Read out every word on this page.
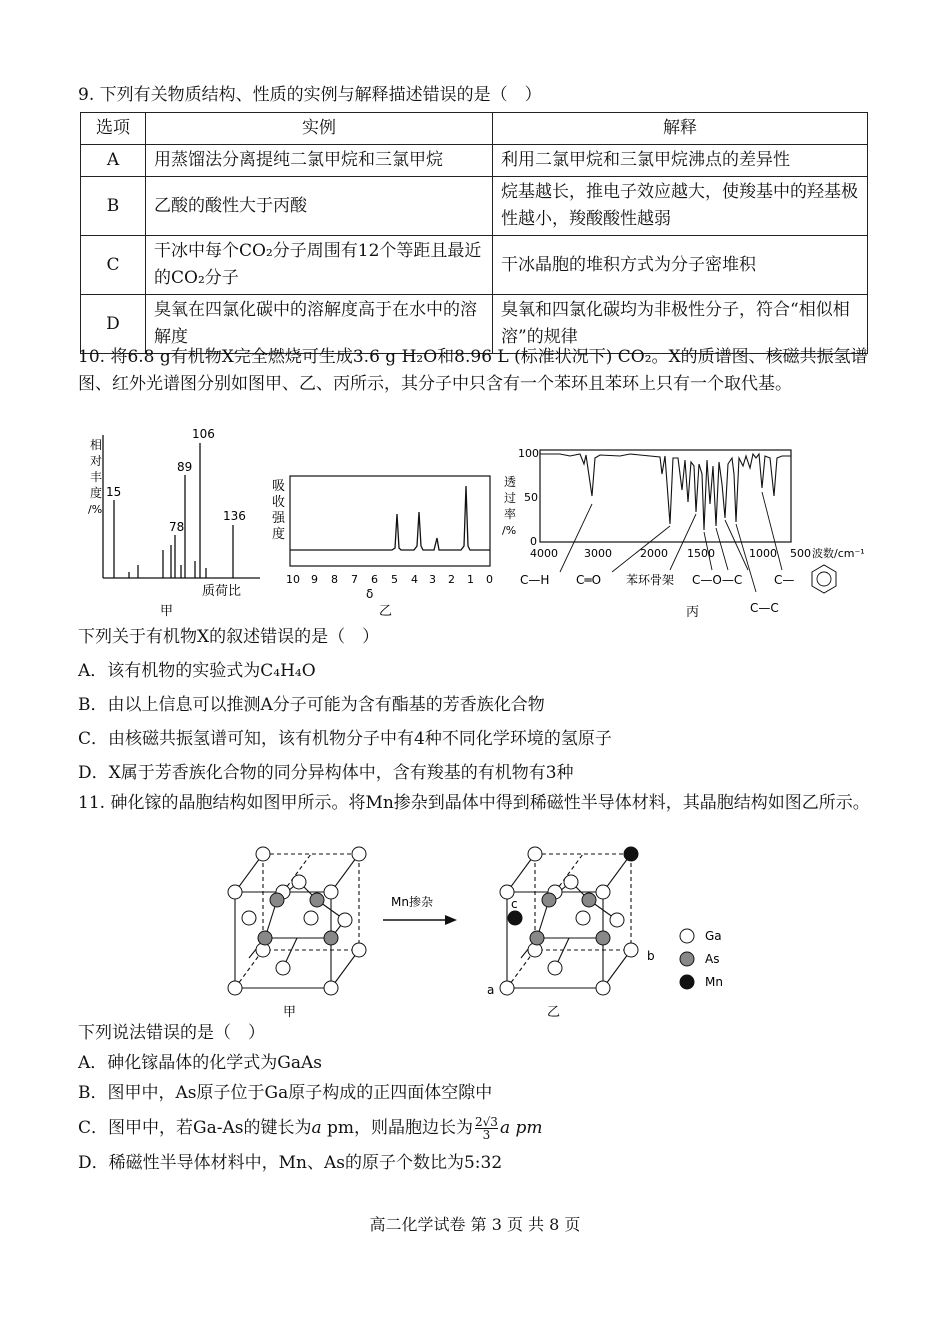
9. 下列有关物质结构、性质的实例与解释描述错误的是（　）
选项	实例	解释
A	用蒸馏法分离提纯二氯甲烷和三氯甲烷	利用二氯甲烷和三氯甲烷沸点的差异性
B	乙酸的酸性大于丙酸	烷基越长，推电子效应越大，使羧基中的羟基极性越小，羧酸酸性越弱
C	干冰中每个CO₂分子周围有12个等距且最近的CO₂分子	干冰晶胞的堆积方式为分子密堆积
D	臭氧在四氯化碳中的溶解度高于在水中的溶解度	臭氧和四氯化碳均为非极性分子，符合“相似相溶”的规律
10. 将6.8 g有机物X完全燃烧可生成3.6 g H₂O和8.96 L (标准状况下) CO₂。X的质谱图、核磁共振氢谱图、红外光谱图分别如图甲、乙、丙所示，其分子中只含有一个苯环且苯环上只有一个取代基。
相
对
丰
度
/%
15
78
89
106
136
质荷比
甲
吸
收
强
度
10 9 8 7 6 5 4 3 2 1 0
δ
乙
透
过
率
/%
100
50
0
4000 3000	2000 1500	1000 500 波数/cm⁻¹
C—H C═O 苯环骨架 C—O—C
C—C
C—
丙
下列关于有机物X的叙述错误的是（　）
A．该有机物的实验式为C₄H₄O
B．由以上信息可以推测A分子可能为含有酯基的芳香族化合物
C．由核磁共振氢谱可知，该有机物分子中有4种不同化学环境的氢原子
D．X属于芳香族化合物的同分异构体中，含有羧基的有机物有3种
11. 砷化镓的晶胞结构如图甲所示。将Mn掺杂到晶体中得到稀磁性半导体材料，其晶胞结构如图乙所示。
甲
Mn掺杂
a
b
c
乙
Ga
As
Mn
下列说法错误的是（　）
A．砷化镓晶体的化学式为GaAs
B．图甲中，As原子位于Ga原子构成的正四面体空隙中
C．图甲中，若Ga-As的键长为a pm，则晶胞边长为 $\frac{2√3}{3}$ a pm
D．稀磁性半导体材料中，Mn、As的原子个数比为5:32
高二化学试卷 第 3 页 共 8 页
